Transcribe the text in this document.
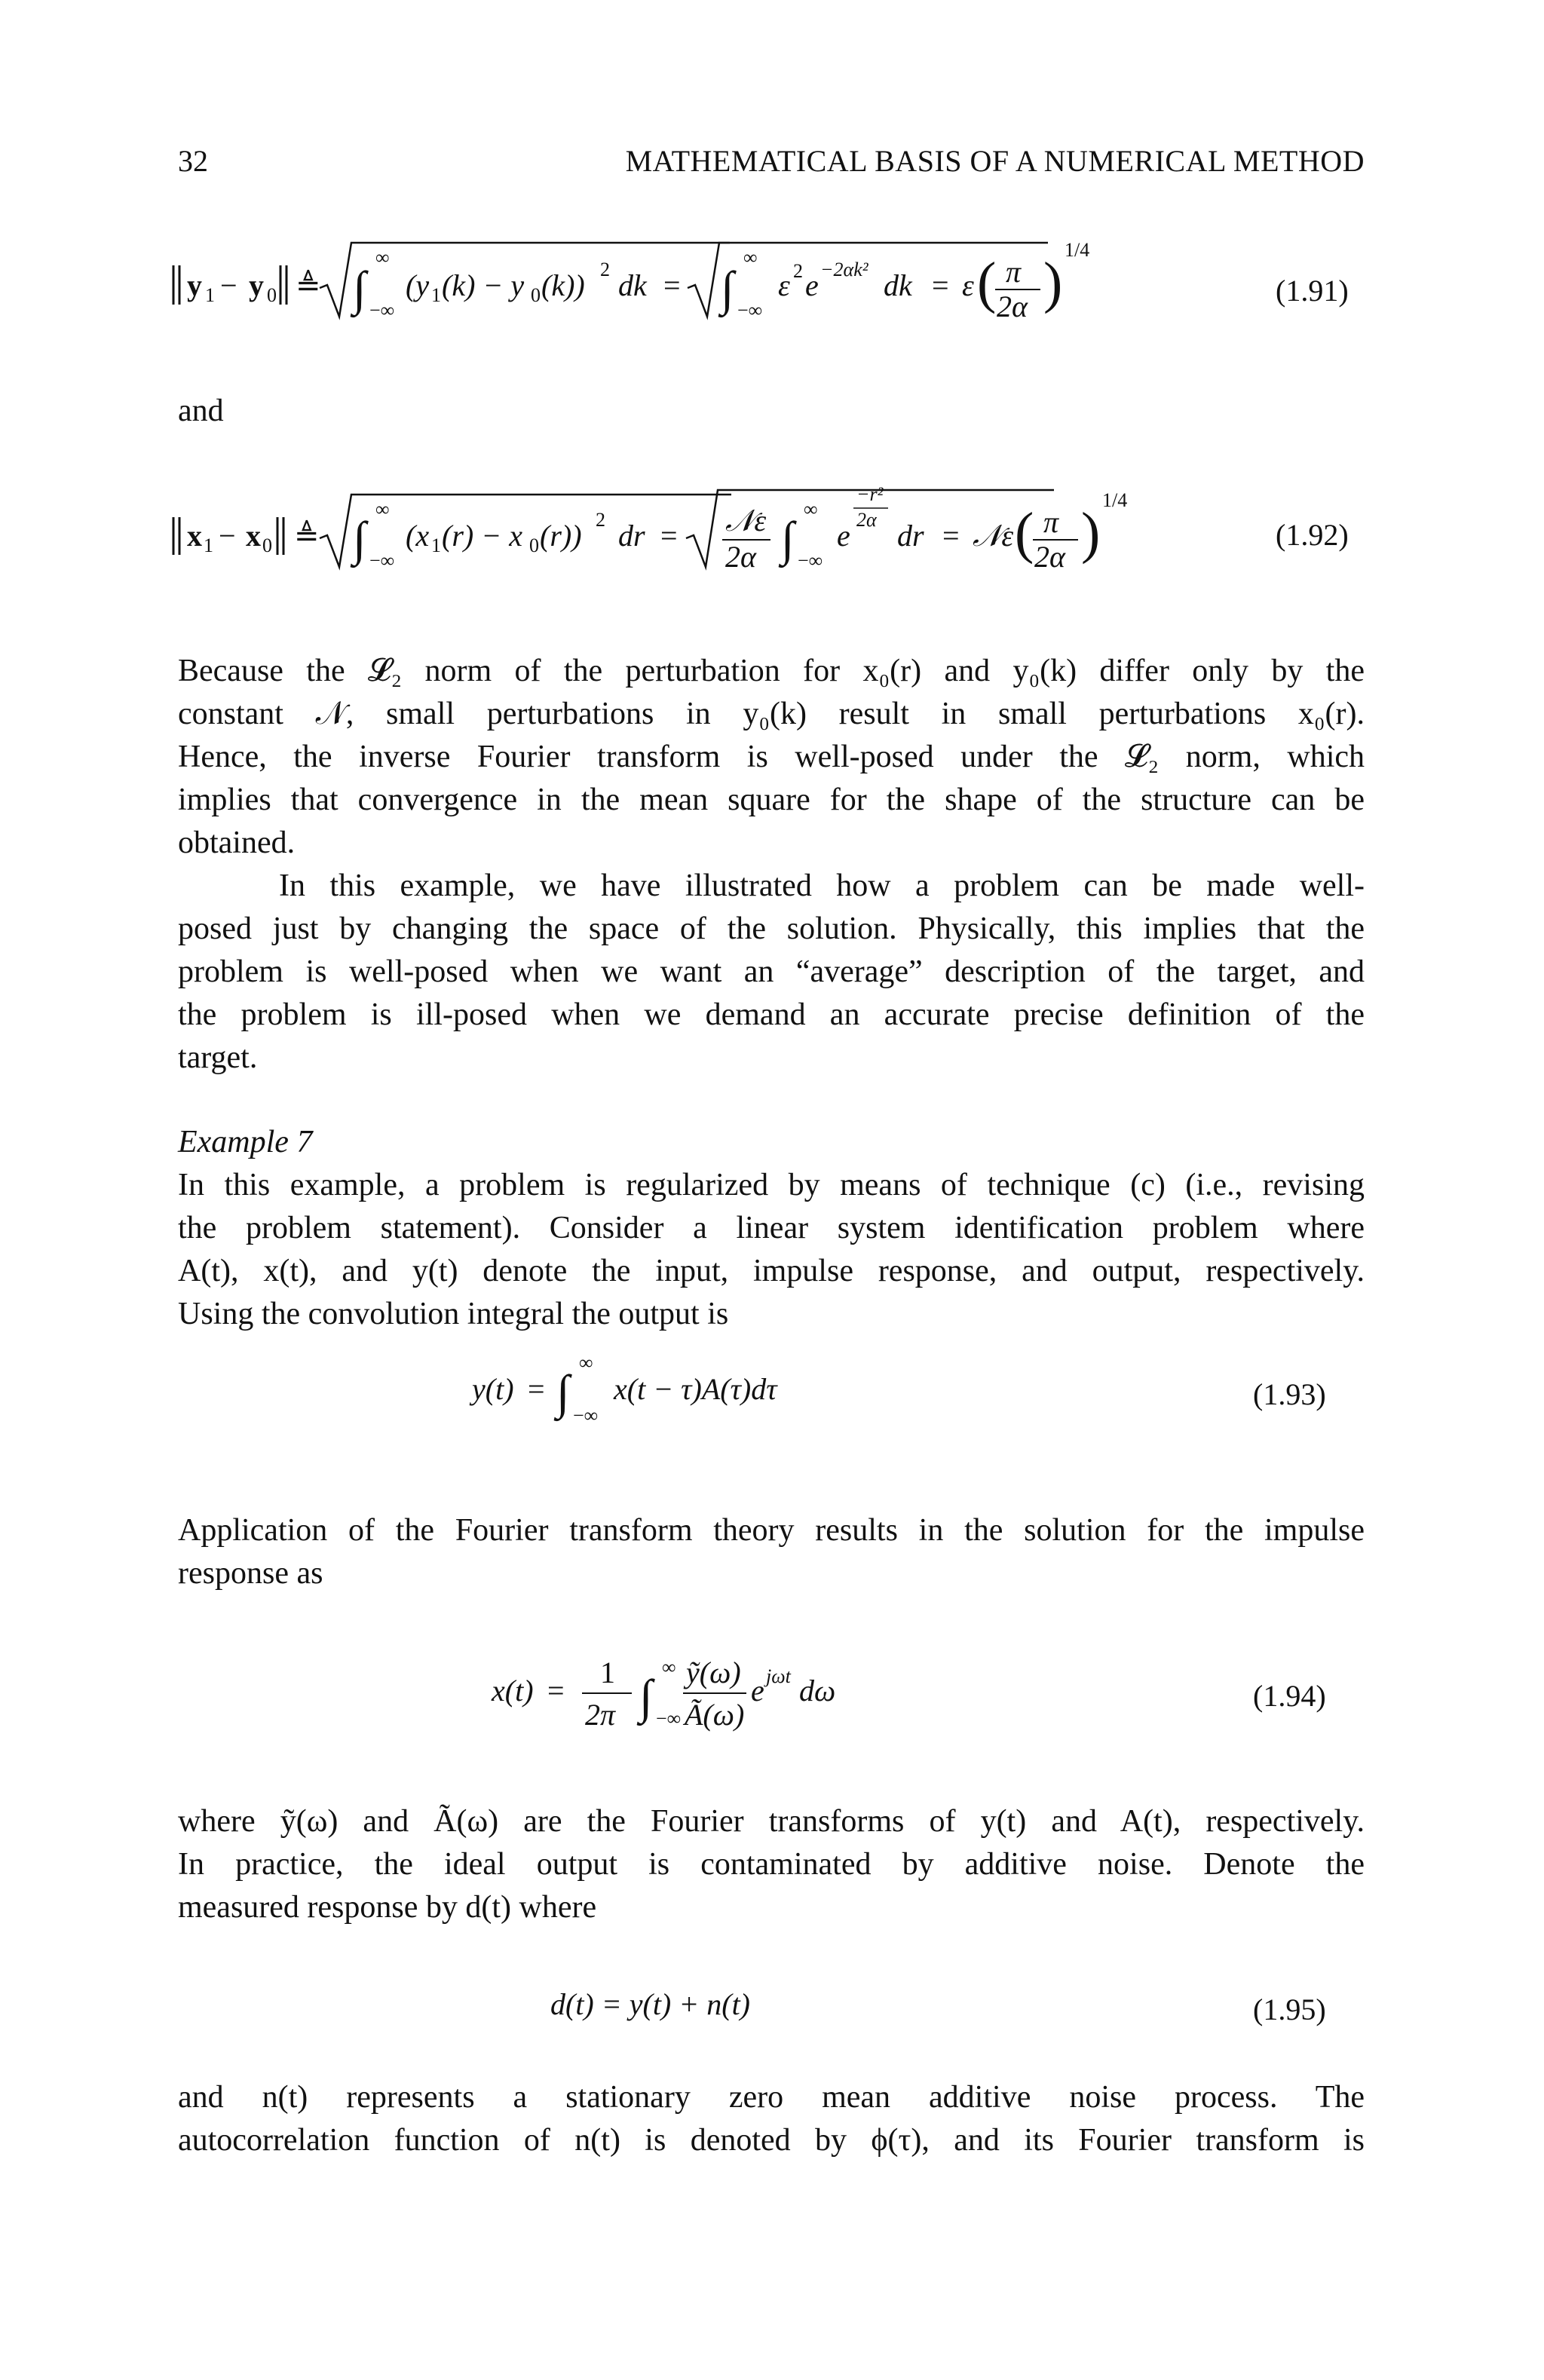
32	MATHEMATICAL BASIS OF A NUMERICAL METHOD
y 1 − y 0 ≜ ∫
∞
−∞
(y 1 (k) − y 0 (k)) 2 dk = ∫
∞
−∞
ε 2 e −2αk² dk = ε ( π
2α )
1/4
(1.91)
and
x 1 − x 0 ≜ ∫
∞
−∞
(x 1 (r) − x 0 (r)) 2 dr = 𝒩ε
2α ∫
∞
−∞
e
−r²
2α dr = 𝒩ε ( π
2α )
1/4
(1.92)
Because the 𝓛₂ norm of the perturbation for x₀(r) and y₀(k) differ only by the
constant 𝒩, small perturbations in y₀(k) result in small perturbations x₀(r).
Hence, the inverse Fourier transform is well-posed under the 𝓛₂ norm, which
implies that convergence in the mean square for the shape of the structure can be
obtained.
In this example, we have illustrated how a problem can be made well-
posed just by changing the space of the solution. Physically, this implies that the
problem is well-posed when we want an “average” description of the target, and
the problem is ill-posed when we demand an accurate precise definition of the
target.
Example 7
In this example, a problem is regularized by means of technique (c) (i.e., revising
the problem statement). Consider a linear system identification problem where
A(t), x(t), and y(t) denote the input, impulse response, and output, respectively.
Using the convolution integral the output is
y(t) = ∫
∞
−∞
x(t − τ)A(τ)dτ	(1.93)
Application of the Fourier transform theory results in the solution for the impulse
response as
x(t) =
1
2π ∫
∞
−∞
ỹ(ω)
Ã(ω)
e jωt dω	(1.94)
where ỹ(ω) and Ã(ω) are the Fourier transforms of y(t) and A(t), respectively.
In practice, the ideal output is contaminated by additive noise. Denote the
measured response by d(t) where
d(t) = y(t) + n(t)	(1.95)
and n(t) represents a stationary zero mean additive noise process. The
autocorrelation function of n(t) is denoted by ϕ(τ), and its Fourier transform is
